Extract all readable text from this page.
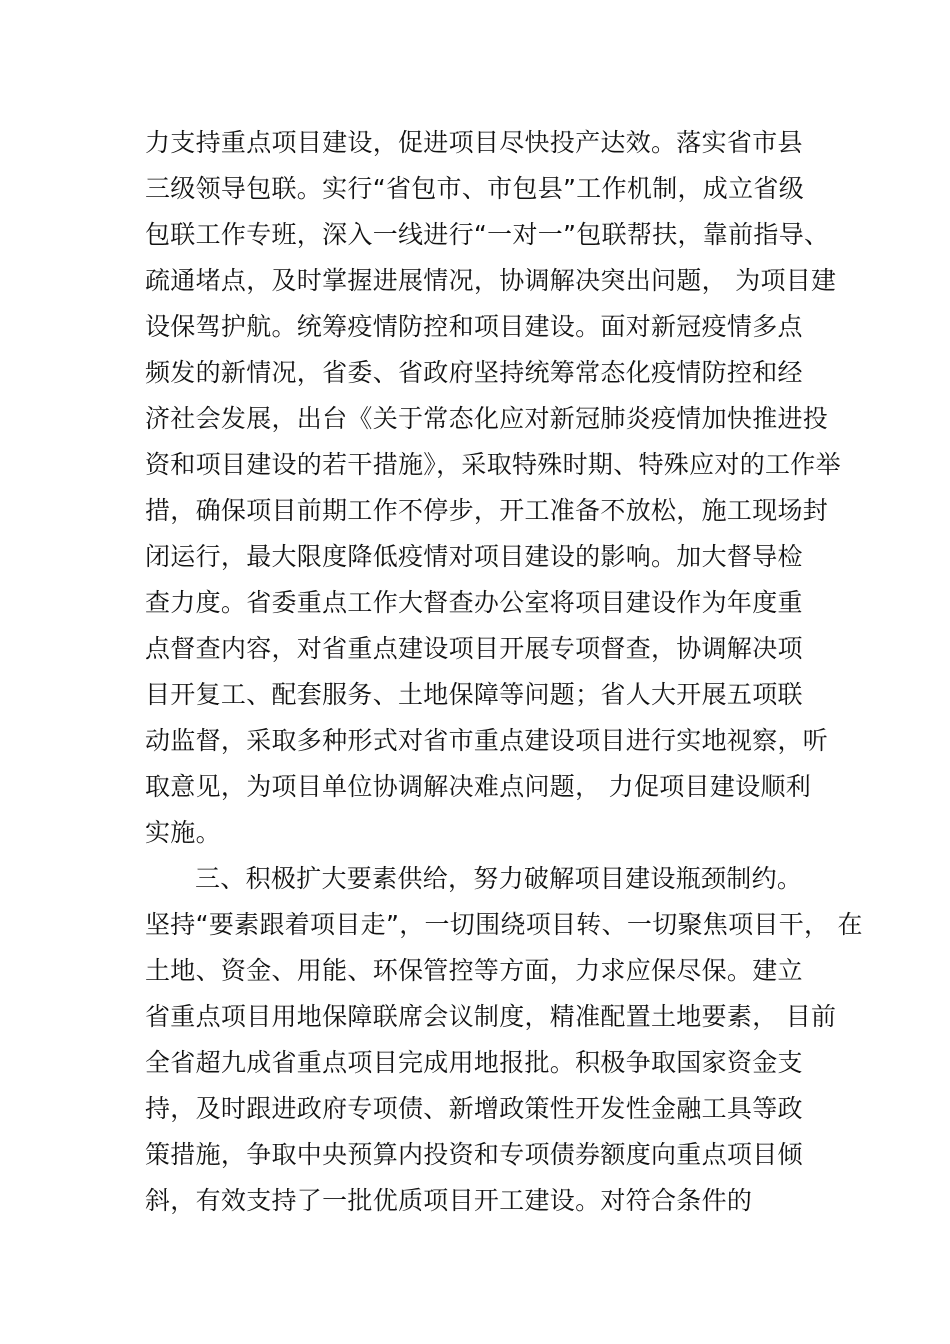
力支持重点项目建设，促进项目尽快投产达效。落实省市县
三级领导包联。实行“省包市、市包县”工作机制，成立省级
包联工作专班，深入一线进行“一对一”包联帮扶，靠前指导、
疏通堵点，及时掌握进展情况，协调解决突出问题， 为项目建
设保驾护航。统筹疫情防控和项目建设。面对新冠疫情多点
频发的新情况，省委、省政府坚持统筹常态化疫情防控和经
济社会发展，出台《关于常态化应对新冠肺炎疫情加快推进投
资和项目建设的若干措施》，采取特殊时期、特殊应对的工作举
措，确保项目前期工作不停步，开工准备不放松，施工现场封
闭运行，最大限度降低疫情对项目建设的影响。加大督导检
查力度。省委重点工作大督查办公室将项目建设作为年度重
点督查内容，对省重点建设项目开展专项督查，协调解决项
目开复工、配套服务、土地保障等问题；省人大开展五项联
动监督，采取多种形式对省市重点建设项目进行实地视察，听
取意见，为项目单位协调解决难点问题， 力促项目建设顺利
实施。
三、积极扩大要素供给，努力破解项目建设瓶颈制约。
坚持“要素跟着项目走”，一切围绕项目转、一切聚焦项目干， 在
土地、资金、用能、环保管控等方面，力求应保尽保。建立
省重点项目用地保障联席会议制度，精准配置土地要素， 目前
全省超九成省重点项目完成用地报批。积极争取国家资金支
持，及时跟进政府专项债、新增政策性开发性金融工具等政
策措施，争取中央预算内投资和专项债券额度向重点项目倾
斜，有效支持了一批优质项目开工建设。对符合条件的
